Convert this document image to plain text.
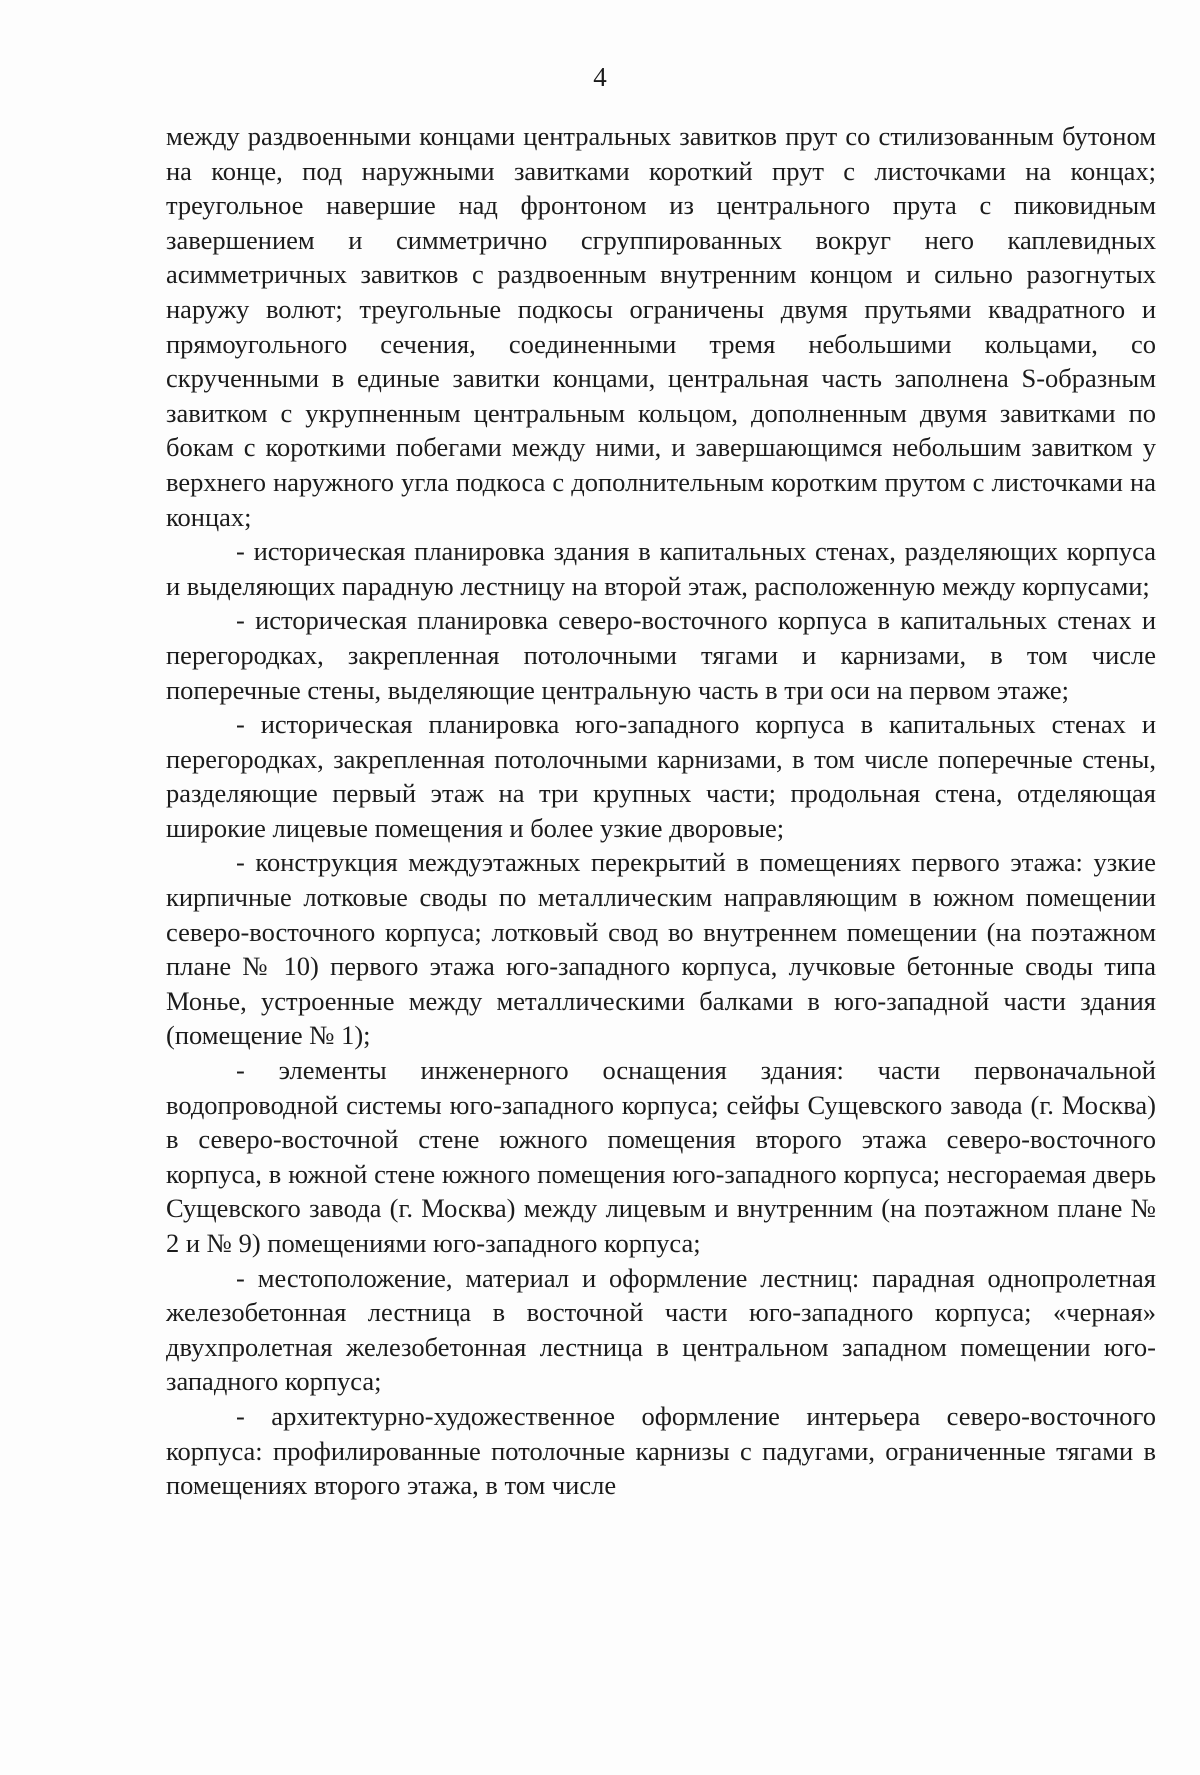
4

между раздвоенными концами центральных завитков прут со стилизованным бутоном на конце, под наружными завитками короткий прут с листочками на концах; треугольное навершие над фронтоном из центрального прута с пиковидным завершением и симметрично сгруппированных вокруг него каплевидных асимметричных завитков с раздвоенным внутренним концом и сильно разогнутых наружу волют; треугольные подкосы ограничены двумя прутьями квадратного и прямоугольного сечения, соединенными тремя небольшими кольцами, со скрученными в единые завитки концами, центральная часть заполнена S-образным завитком с укрупненным центральным кольцом, дополненным двумя завитками по бокам с короткими побегами между ними, и завершающимся небольшим завитком у верхнего наружного угла подкоса с дополнительным коротким прутом с листочками на концах;

- историческая планировка здания в капитальных стенах, разделяющих корпуса и выделяющих парадную лестницу на второй этаж, расположенную между корпусами;

- историческая планировка северо-восточного корпуса в капитальных стенах и перегородках, закрепленная потолочными тягами и карнизами, в том числе поперечные стены, выделяющие центральную часть в три оси на первом этаже;

- историческая планировка юго-западного корпуса в капитальных стенах и перегородках, закрепленная потолочными карнизами, в том числе поперечные стены, разделяющие первый этаж на три крупных части; продольная стена, отделяющая широкие лицевые помещения и более узкие дворовые;

- конструкция междуэтажных перекрытий в помещениях первого этажа: узкие кирпичные лотковые своды по металлическим направляющим в южном помещении северо-восточного корпуса; лотковый свод во внутреннем помещении (на поэтажном плане № 10) первого этажа юго-западного корпуса, лучковые бетонные своды типа Монье, устроенные между металлическими балками в юго-западной части здания (помещение № 1);

- элементы инженерного оснащения здания: части первоначальной водопроводной системы юго-западного корпуса; сейфы Сущевского завода (г. Москва) в северо-восточной стене южного помещения второго этажа северо-восточного корпуса, в южной стене южного помещения юго-западного корпуса; несгораемая дверь Сущевского завода (г. Москва) между лицевым и внутренним (на поэтажном плане № 2 и № 9) помещениями юго-западного корпуса;

- местоположение, материал и оформление лестниц: парадная однопролетная железобетонная лестница в восточной части юго-западного корпуса; «черная» двухпролетная железобетонная лестница в центральном западном помещении юго-западного корпуса;

- архитектурно-художественное оформление интерьера северо-восточного корпуса: профилированные потолочные карнизы с падугами, ограниченные тягами в помещениях второго этажа, в том числе
